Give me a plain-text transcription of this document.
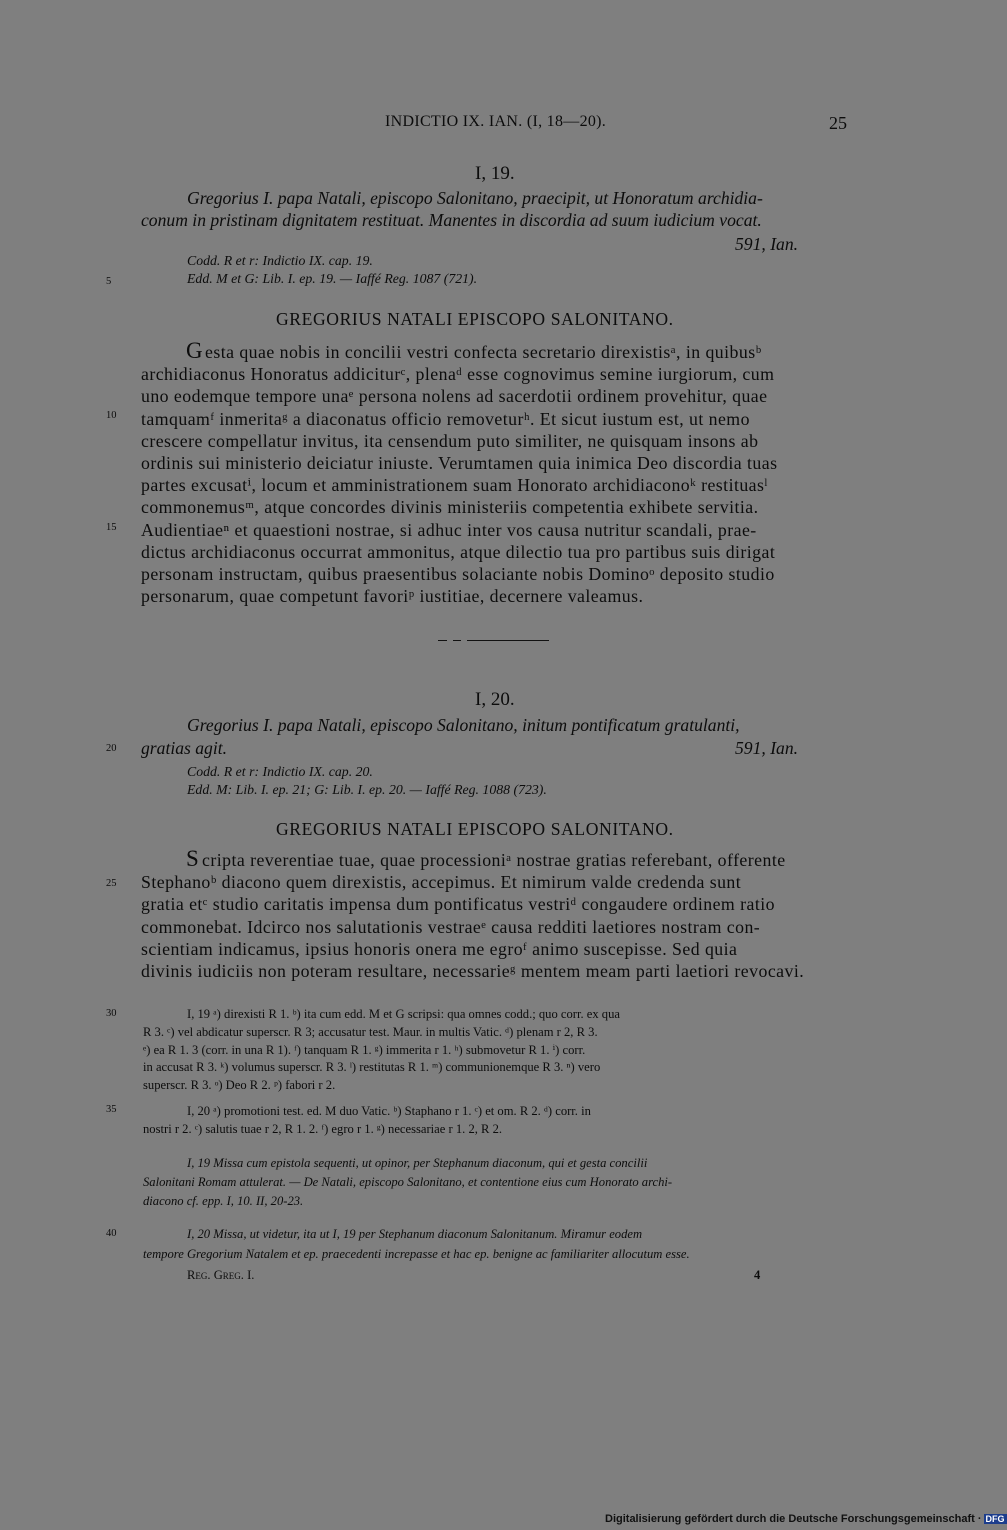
INDICTIO IX. IAN. (I, 18—20).	25
I, 19.
Gregorius I. papa Natali, episcopo Salonitano, praecipit, ut Honoratum archidia-
conum in pristinam dignitatem restituat. Manentes in discordia ad suum iudicium vocat.
591, Ian.
Codd. R et r: Indictio IX. cap. 19.
Edd. M et G: Lib. I. ep. 19. — Iaffé Reg. 1087 (721).
GREGORIUS NATALI EPISCOPO SALONITANO.
G esta quae nobis in concilii vestri confecta secretario direxistisᵃ, in quibusᵇ
archidiaconus Honoratus addiciturᶜ, plenaᵈ esse cognovimus semine iurgiorum, cum
uno eodemque tempore unaᵉ persona nolens ad sacerdotii ordinem provehitur, quae
tamquamᶠ inmeritaᵍ a diaconatus officio removeturʰ. Et sicut iustum est, ut nemo
crescere compellatur invitus, ita censendum puto similiter, ne quisquam insons ab
ordinis sui ministerio deiciatur iniuste. Verumtamen quia inimica Deo discordia tuas
partes excusatⁱ, locum et amministrationem suam Honorato archidiaconoᵏ restituasˡ
commonemusᵐ, atque concordes divinis ministeriis competentia exhibete servitia.
Audientiaeⁿ et quaestioni nostrae, si adhuc inter vos causa nutritur scandali, prae-
dictus archidiaconus occurrat ammonitus, atque dilectio tua pro partibus suis dirigat
personam instructam, quibus praesentibus solaciante nobis Dominoᵒ deposito studio
personarum, quae competunt favoriᵖ iustitiae, decernere valeamus.
I, 20.
Gregorius I. papa Natali, episcopo Salonitano, initum pontificatum gratulanti,
gratias agit.	591, Ian.
Codd. R et r: Indictio IX. cap. 20.
Edd. M: Lib. I. ep. 21; G: Lib. I. ep. 20. — Iaffé Reg. 1088 (723).
GREGORIUS NATALI EPISCOPO SALONITANO.
S cripta reverentiae tuae, quae processioniᵃ nostrae gratias referebant, offerente
Stephanoᵇ diacono quem direxistis, accepimus. Et nimirum valde credenda sunt
gratia etᶜ studio caritatis impensa dum pontificatus vestriᵈ congaudere ordinem ratio
commonebat. Idcirco nos salutationis vestraeᵉ causa redditi laetiores nostram con-
scientiam indicamus, ipsius honoris onera me egroᶠ animo suscepisse. Sed quia
divinis iudiciis non poteram resultare, necessarieᵍ mentem meam parti laetiori revocavi.
5
10
15
20
25
30
35
40
I, 19 ᵃ) direxisti R 1. ᵇ) ita cum edd. M et G scripsi: qua omnes codd.; quo corr. ex qua
R 3. ᶜ) vel abdicatur superscr. R 3; accusatur test. Maur. in multis Vatic. ᵈ) plenam r 2, R 3.
ᵉ) ea R 1. 3 (corr. in una R 1). ᶠ) tanquam R 1. ᵍ) immerita r 1. ʰ) submovetur R 1. ⁱ) corr.
in accusat R 3. ᵏ) volumus superscr. R 3. ˡ) restitutas R 1. ᵐ) communionemque R 3. ⁿ) vero
superscr. R 3. ᵒ) Deo R 2. ᵖ) fabori r 2.
I, 20 ᵃ) promotioni test. ed. M duo Vatic. ᵇ) Staphano r 1. ᶜ) et om. R 2. ᵈ) corr. in
nostri r 2. ᶜ) salutis tuae r 2, R 1. 2. ᶠ) egro r 1. ᵍ) necessariae r 1. 2, R 2.
I, 19 Missa cum epistola sequenti, ut opinor, per Stephanum diaconum, qui et gesta concilii
Salonitani Romam attulerat. — De Natali, episcopo Salonitano, et contentione eius cum Honorato archi-
diacono cf. epp. I, 10. II, 20-23.
I, 20 Missa, ut videtur, ita ut I, 19 per Stephanum diaconum Salonitanum. Miramur eodem
tempore Gregorium Natalem et ep. praecedenti increpasse et hac ep. benigne ac familiariter allocutum esse.
Reg. Greg. I.	4
Digitalisierung gefördert durch die Deutsche Forschungsgemeinschaft · DFG
